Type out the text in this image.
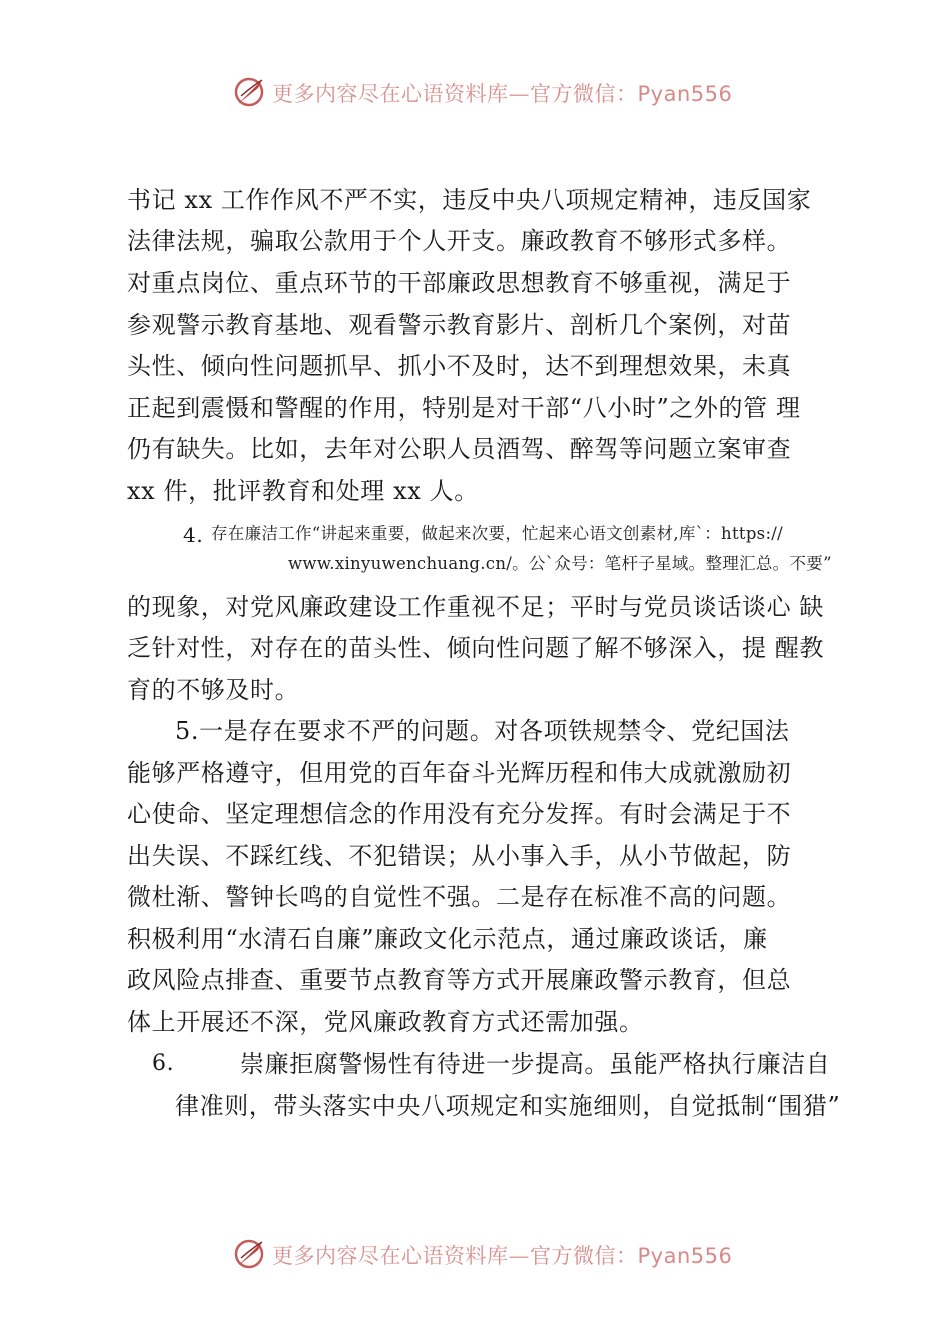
更多内容尽在心语资料库—官方微信：Pyan556
书记 xx 工作作风不严不实，违反中央八项规定精神，违反国家
法律法规，骗取公款用于个人开支。廉政教育不够形式多样。
对重点岗位、重点环节的干部廉政思想教育不够重视，满足于
参观警示教育基地、观看警示教育影片、剖析几个案例，对苗
头性、倾向性问题抓早、抓小不及时，达不到理想效果，未真
正起到震慑和警醒的作用，特别是对干部“八小时”之外的管 理
仍有缺失。比如，去年对公职人员酒驾、醉驾等问题立案审查
xx 件，批评教育和处理 xx 人。
4. 存在廉洁工作“讲起来重要，做起来次要，忙起来心语文创素材,库`：https://
www.xinyuwenchuang.cn/。公`众号：笔杆子星域。整理汇总。不要”
的现象，对党风廉政建设工作重视不足；平时与党员谈话谈心 缺
乏针对性，对存在的苗头性、倾向性问题了解不够深入，提 醒教
育的不够及时。
5.一是存在要求不严的问题。对各项铁规禁令、党纪国法
能够严格遵守，但用党的百年奋斗光辉历程和伟大成就激励初
心使命、坚定理想信念的作用没有充分发挥。有时会满足于不
出失误、不踩红线、不犯错误；从小事入手，从小节做起，防
微杜渐、警钟长鸣的自觉性不强。二是存在标准不高的问题。
积极利用“水清石自廉”廉政文化示范点，通过廉政谈话，廉
政风险点排查、重要节点教育等方式开展廉政警示教育，但总
体上开展还不深，党风廉政教育方式还需加强。
6.	崇廉拒腐警惕性有待进一步提高。虽能严格执行廉洁自
律准则，带头落实中央八项规定和实施细则，自觉抵制“围猎”
更多内容尽在心语资料库—官方微信：Pyan556
